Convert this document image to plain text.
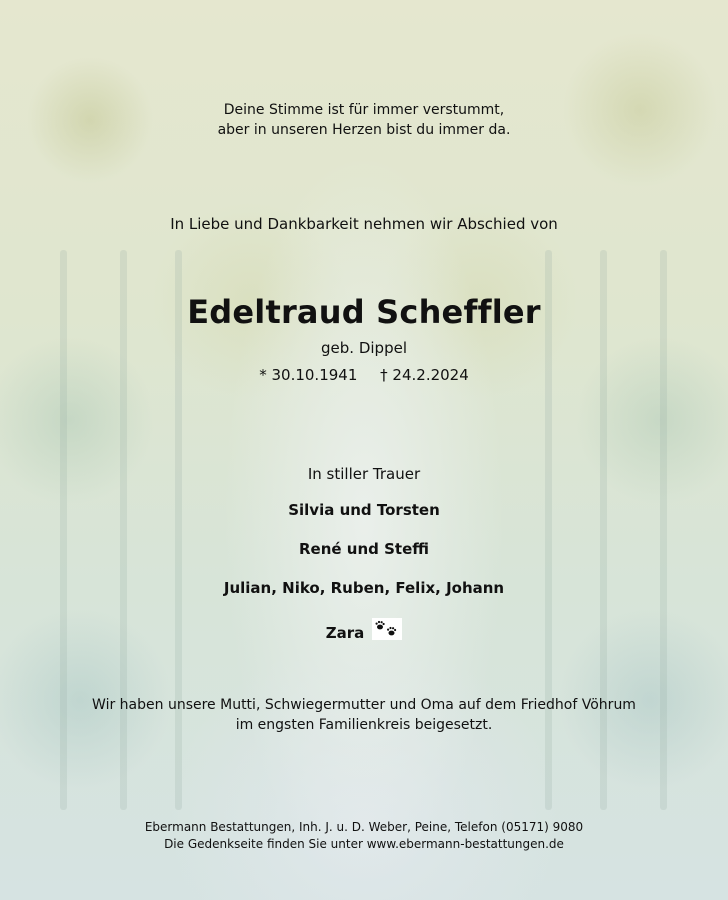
Deine Stimme ist für immer verstummt,
aber in unseren Herzen bist du immer da.
In Liebe und Dankbarkeit nehmen wir Abschied von
Edeltraud Scheffler
geb. Dippel
* 30.10.1941 † 24.2.2024
In stiller Trauer
Silvia und Torsten
René und Steffi
Julian, Niko, Ruben, Felix, Johann
Zara
Wir haben unsere Mutti, Schwiegermutter und Oma auf dem Friedhof Vöhrum
im engsten Familienkreis beigesetzt.
Ebermann Bestattungen, Inh. J. u. D. Weber, Peine, Telefon (05171) 9080
Die Gedenkseite finden Sie unter www.ebermann-bestattungen.de
